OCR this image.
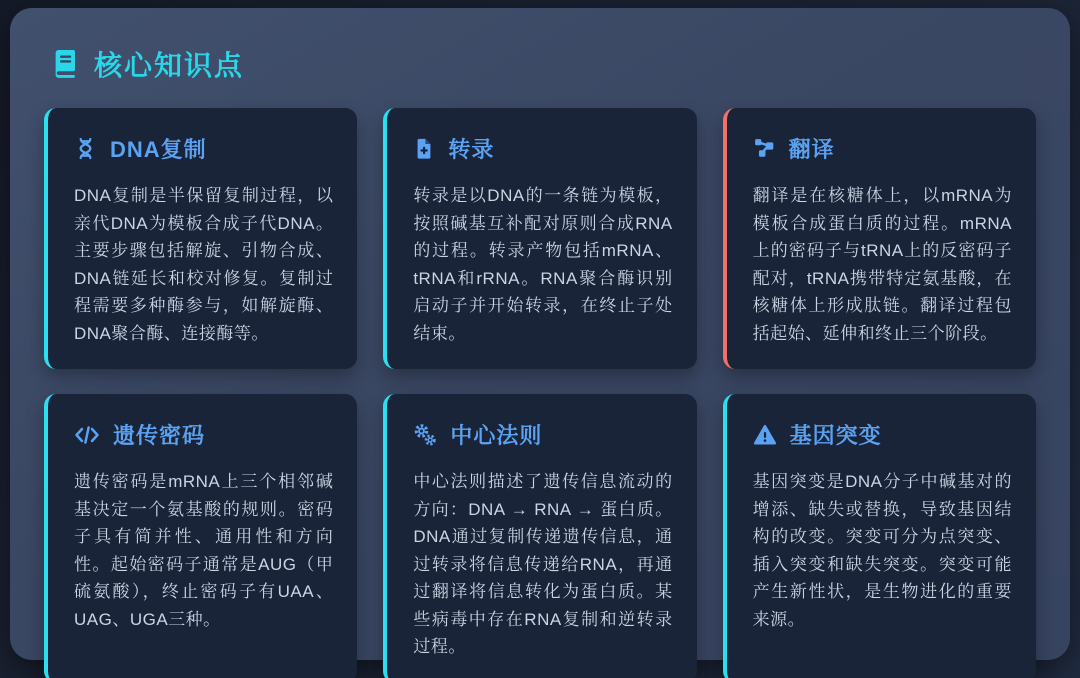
核心知识点
DNA复制
DNA复制是半保留复制过程，以亲代DNA为模板合成子代DNA。主要步骤包括解旋、引物合成、DNA链延长和校对修复。复制过程需要多种酶参与，如解旋酶、DNA聚合酶、连接酶等。
转录
转录是以DNA的一条链为模板，按照碱基互补配对原则合成RNA的过程。转录产物包括mRNA、tRNA和rRNA。RNA聚合酶识别启动子并开始转录，在终止子处结束。
翻译
翻译是在核糖体上，以mRNA为模板合成蛋白质的过程。mRNA上的密码子与tRNA上的反密码子配对，tRNA携带特定氨基酸，在核糖体上形成肽链。翻译过程包括起始、延伸和终止三个阶段。
遗传密码
遗传密码是mRNA上三个相邻碱基决定一个氨基酸的规则。密码子具有简并性、通用性和方向性。起始密码子通常是AUG（甲硫氨酸），终止密码子有UAA、UAG、UGA三种。
中心法则
中心法则描述了遗传信息流动的方向：DNA → RNA → 蛋白质。DNA通过复制传递遗传信息，通过转录将信息传递给RNA，再通过翻译将信息转化为蛋白质。某些病毒中存在RNA复制和逆转录过程。
基因突变
基因突变是DNA分子中碱基对的增添、缺失或替换，导致基因结构的改变。突变可分为点突变、插入突变和缺失突变。突变可能产生新性状，是生物进化的重要来源。
